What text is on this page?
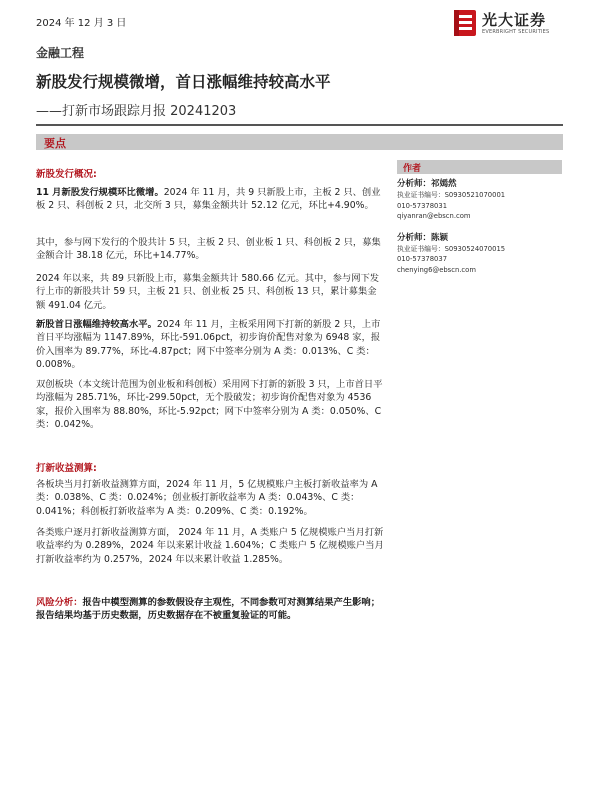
2024 年 12 月 3 日	光大证券
EVERBRIGHT SECURITIES
金融工程
新股发行规模微增，首日涨幅维持较高水平
——打新市场跟踪月报 20241203
要点
新股发行概况:
11 月新股发行规模环比微增。2024 年 11 月，共 9 只新股上市，主板 2 只、创业板 2 只、科创板 2 只，北交所 3 只，募集金额共计 52.12 亿元，环比+4.90%。
其中，参与网下发行的个股共计 5 只，主板 2 只、创业板 1 只、科创板 2 只，募集金额合计 38.18 亿元，环比+14.77%。
2024 年以来，共 89 只新股上市，募集金额共计 580.66 亿元。其中，参与网下发行上市的新股共计 59 只，主板 21 只、创业板 25 只、科创板 13 只，累计募集金额 491.04 亿元。
新股首日涨幅维持较高水平。2024 年 11 月，主板采用网下打新的新股 2 只，上市首日平均涨幅为 1147.89%，环比-591.06pct，初步询价配售对象为 6948 家，报价入围率为 89.77%，环比-4.87pct；网下中签率分别为 A 类：0.013%、C 类：0.008%。
双创板块（本文统计范围为创业板和科创板）采用网下打新的新股 3 只，上市首日平均涨幅为 285.71%，环比-299.50pct，无个股破发；初步询价配售对象为 4536 家，报价入围率为 88.80%，环比-5.92pct；网下中签率分别为 A 类：0.050%、C 类：0.042%。
打新收益测算:
各板块当月打新收益测算方面，2024 年 11 月，5 亿规模账户主板打新收益率为 A 类：0.038%、C 类：0.024%；创业板打新收益率为 A 类：0.043%、C 类：0.041%；科创板打新收益率为 A 类：0.209%、C 类：0.192%。
各类账户逐月打新收益测算方面， 2024 年 11 月，A 类账户 5 亿规模账户当月打新收益率约为 0.289%，2024 年以来累计收益 1.604%；C 类账户 5 亿规模账户当月打新收益率约为 0.257%，2024 年以来累计收益 1.285%。
风险分析：报告中模型测算的参数假设存主观性，不同参数可对测算结果产生影响；报告结果均基于历史数据，历史数据存在不被重复验证的可能。
作者
分析师：祁嫣然
执业证书编号：S0930521070001
010-57378031
qiyanran@ebscn.com
分析师：陈颖
执业证书编号：S0930524070015
010-57378037
chenying6@ebscn.com
